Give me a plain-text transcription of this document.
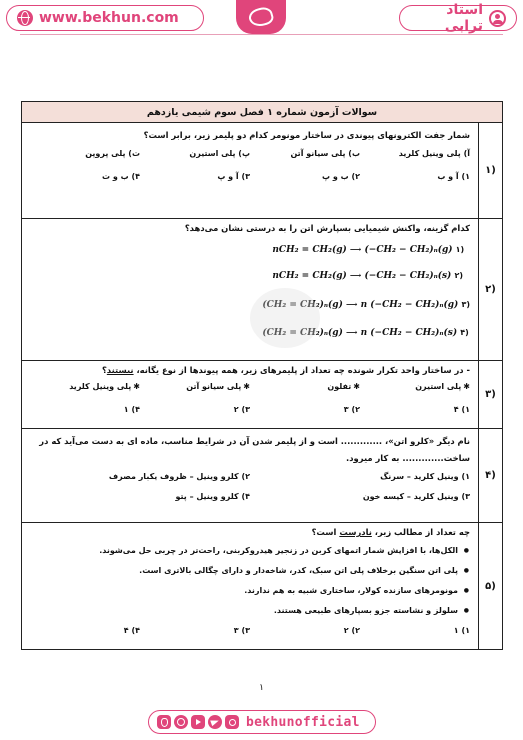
www.bekhun.com	استاد ترابی
سوالات آزمون شماره ۱ فصل سوم شیمی یازدهم
۱)
شمار جفت الکترونهای پیوندی در ساختار مونومر کدام دو پلیمر زیر، برابر است؟
آ) پلی وینیل کلرید
ب) پلی سیانو آتن
پ) پلی استیرن
ت) پلی پروپن
۱) آ و ب
۲) ب و پ
۳) آ و پ
۴) ب و ت
۲)
کدام گزینه، واکنش شیمیایی بسپارش اتن را به درستی نشان می‌دهد؟
nCH₂ = CH₂(g) ⟶ (−CH₂ − CH₂)ₙ(g) ۱)
nCH₂ = CH₂(g) ⟶ (−CH₂ − CH₂)ₙ(s) ۲)
(CH₂ = CH₂)ₙ(g) ⟶ n (−CH₂ − CH₂)ₙ(g) ۳)
(CH₂ = CH₂)ₙ(g) ⟶ n (−CH₂ − CH₂)ₙ(s) ۴)
۳)
- در ساختار واحد تکرار شونده چه تعداد از پلیمرهای زیر، همه پیوندها از نوع یگانه، نیستند؟
✱پلی استیرن
✱تفلون
✱پلی سیانو آتن
✱پلی وینیل کلرید
۱) ۴
۲) ۳
۳) ۲
۴) ۱
۴)
نام دیگر «کلرو اتن»، ............. است و از پلیمر شدن آن در شرایط مناسب، ماده ای به دست می‌آید که در ساخت............. به کار میرود.
۱) وینیل کلرید – سرنگ
۲) کلرو وینیل – ظروف یکبار مصرف
۳) وینیل کلرید – کیسه خون
۴) کلرو وینیل – پتو
۵)
چه تعداد از مطالب زیر، نادرست است؟
● الکل‌ها، با افزایش شمار اتمهای کربن در زنجیر هیدروکربنی، راحت‌تر در چربی حل می‌شوند.
● پلی اتن سنگین برخلاف پلی اتن سبک، کدر، شاخه‌دار و دارای چگالی بالاتری است.
● مونومرهای سازنده کولار، ساختاری شبیه به هم ندارند.
● سلولز و نشاسته جزو بسپارهای طبیعی هستند.
۱) ۱
۲) ۲
۳) ۳
۴) ۴
۱
bekhunofficial
